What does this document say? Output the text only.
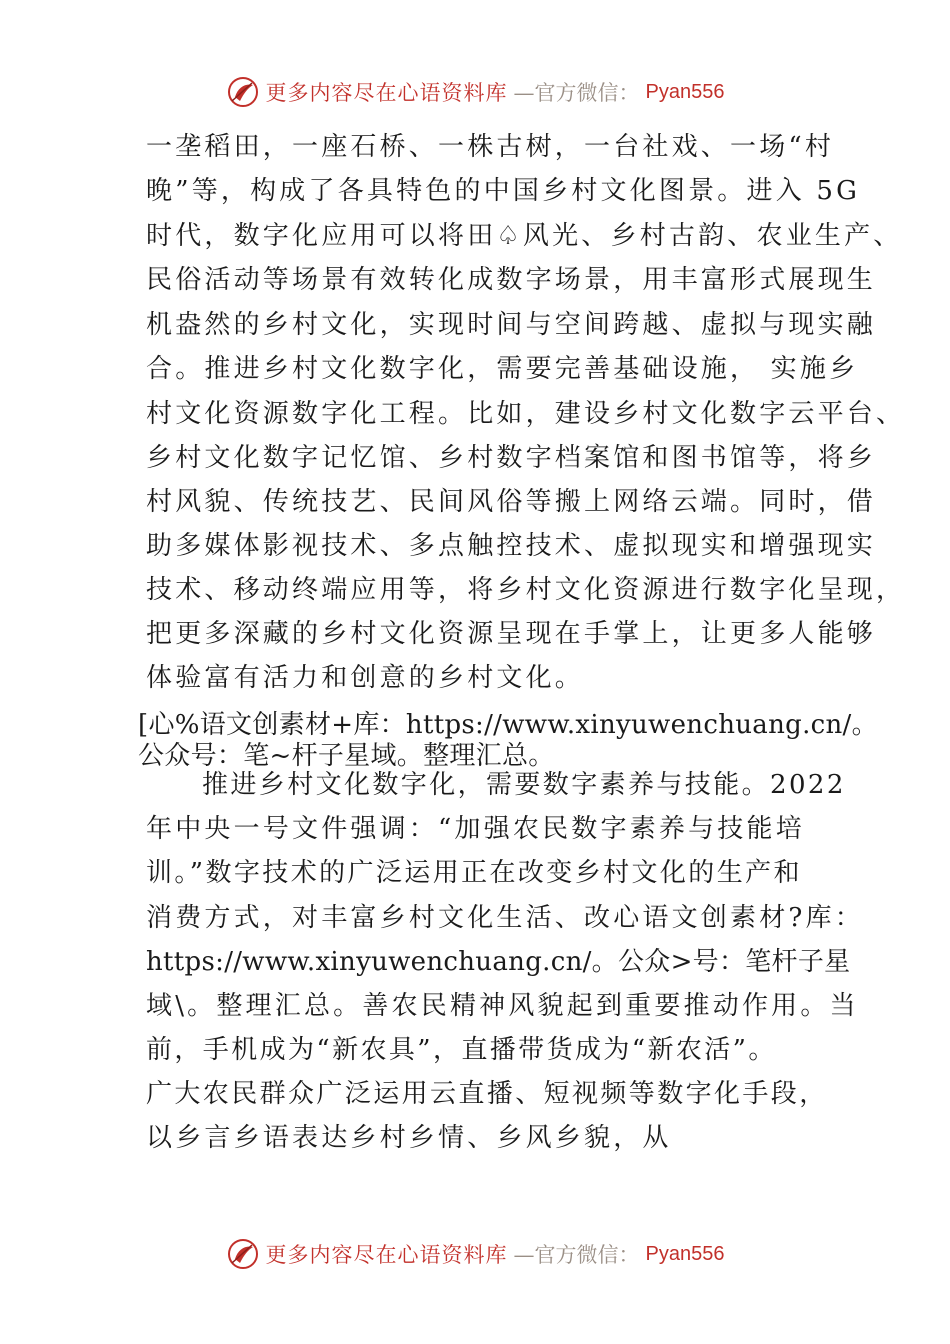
更多内容尽在心语资料库 —官方微信： Pyan556
一垄稻田，一座石桥、一株古树，一台社戏、一场“村
晚”等，构成了各具特色的中国乡村文化图景。进入 5G
时代，数字化应用可以将田♤风光、乡村古韵、农业生产、
民俗活动等场景有效转化成数字场景，用丰富形式展现生
机盎然的乡村文化，实现时间与空间跨越、虚拟与现实融
合。推进乡村文化数字化，需要完善基础设施， 实施乡
村文化资源数字化工程。比如，建设乡村文化数字云平台、
乡村文化数字记忆馆、乡村数字档案馆和图书馆等，将乡
村风貌、传统技艺、民间风俗等搬上网络云端。同时，借
助多媒体影视技术、多点触控技术、虚拟现实和增强现实
技术、移动终端应用等，将乡村文化资源进行数字化呈现，
把更多深藏的乡村文化资源呈现在手掌上，让更多人能够
体验富有活力和创意的乡村文化。
[心%语文创素材+库：https://www.xinyuwenchuang.cn/。
公众号：笔~杆子星域。整理汇总。
推进乡村文化数字化，需要数字素养与技能。2022
年中央一号文件强调：“加强农民数字素养与技能培
训。”数字技术的广泛运用正在改变乡村文化的生产和
消费方式，对丰富乡村文化生活、改心语文创素材?库：
https://www.xinyuwenchuang.cn/。公众>号：笔杆子星
域\。整理汇总。善农民精神风貌起到重要推动作用。当
前，手机成为“新农具”，直播带货成为“新农活”。
广大农民群众广泛运用云直播、短视频等数字化手段，
以乡言乡语表达乡村乡情、乡风乡貌，从
更多内容尽在心语资料库 —官方微信： Pyan556
